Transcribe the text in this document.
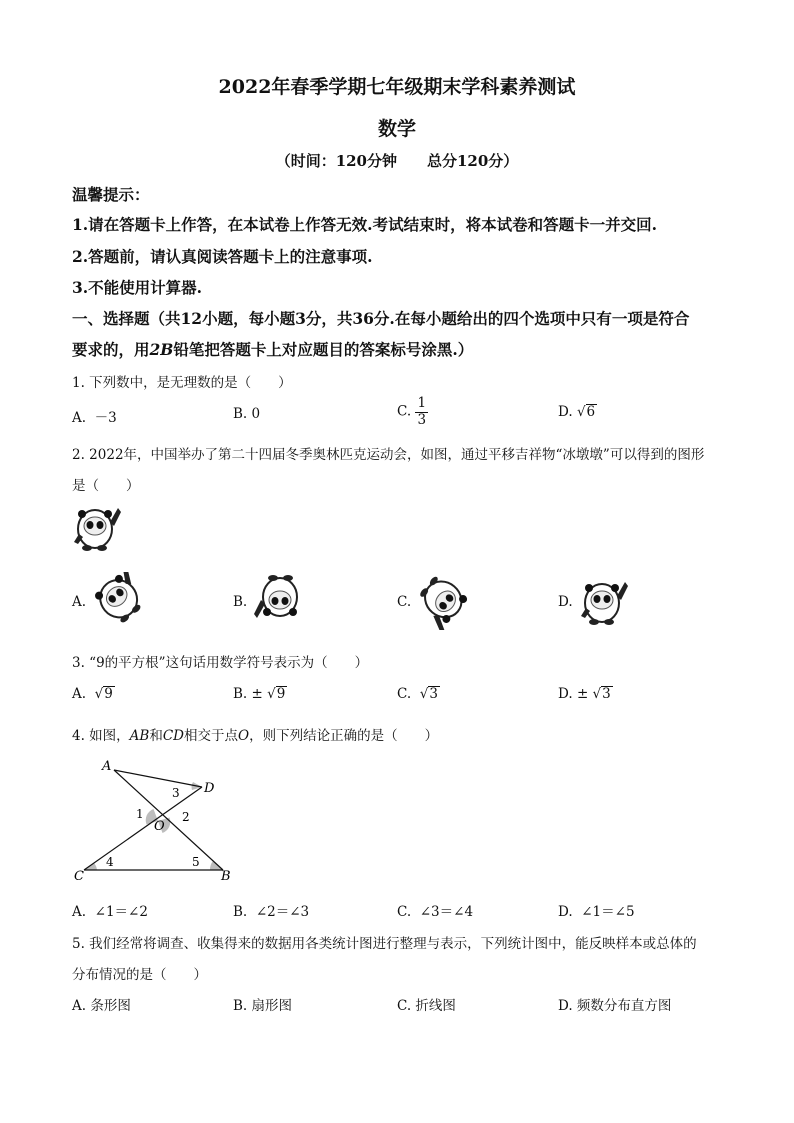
2022年春季学期七年级期末学科素养测试
数学
（时间：120分钟　　总分120分）
温馨提示：
1.请在答题卡上作答，在本试卷上作答无效.考试结束时，将本试卷和答题卡一并交回.
2.答题前，请认真阅读答题卡上的注意事项.
3.不能使用计算器.
一、选择题（共12小题，每小题3分，共36分.在每小题给出的四个选项中只有一项是符合
要求的，用2B铅笔把答题卡上对应题目的答案标号涂黑.）
1. 下列数中，是无理数的是（　　）
A. －3	B. 0	C. $\frac{1}{3}$	D. √6
2. 2022年，中国举办了第二十四届冬季奥林匹克运动会，如图，通过平移吉祥物“冰墩墩”可以得到的图形
是（　　）
A.	B.	C.	D.
3. “9的平方根”这句话用数学符号表示为（　　）
A. √9	B. ± √9	C. √3	D. ± √3
4. 如图，AB和CD相交于点O，则下列结论正确的是（　　）
A
D
O
C	B
1	2
3
4	5
A. ∠1＝∠2	B. ∠2＝∠3	C. ∠3＝∠4	D. ∠1＝∠5
5. 我们经常将调查、收集得来的数据用各类统计图进行整理与表示，下列统计图中，能反映样本或总体的
分布情况的是（　　）
A. 条形图	B. 扇形图	C. 折线图	D. 频数分布直方图
